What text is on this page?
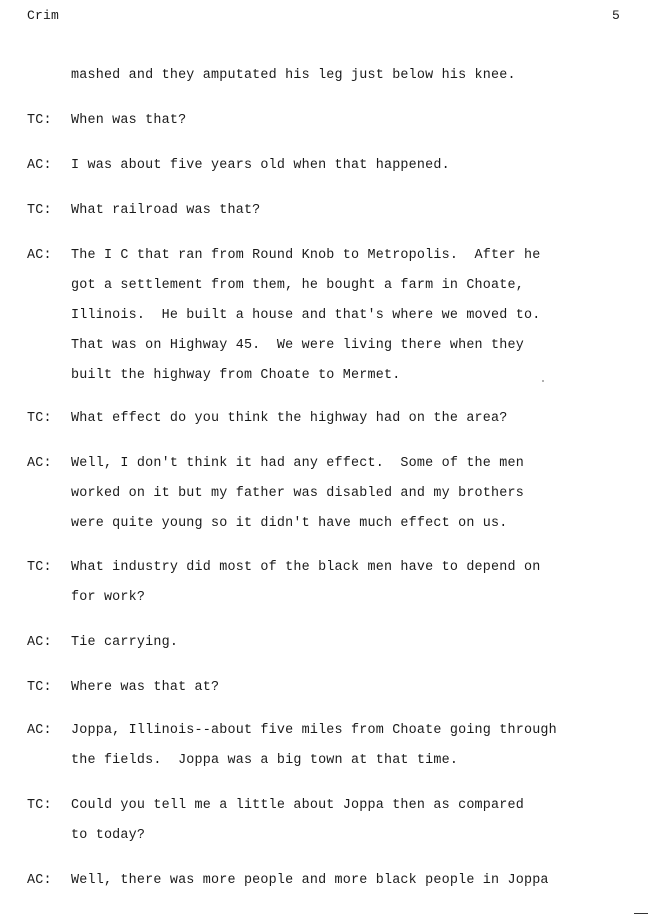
Crim	5
mashed and they amputated his leg just below his knee.
TC: When was that?
AC: I was about five years old when that happened.
TC: What railroad was that?
AC: The I C that ran from Round Knob to Metropolis.  After he
got a settlement from them, he bought a farm in Choate,
Illinois.  He built a house and that's where we moved to.
That was on Highway 45.  We were living there when they
built the highway from Choate to Mermet.
TC: What effect do you think the highway had on the area?
AC: Well, I don't think it had any effect.  Some of the men
worked on it but my father was disabled and my brothers
were quite young so it didn't have much effect on us.
TC: What industry did most of the black men have to depend on
for work?
AC: Tie carrying.
TC: Where was that at?
AC: Joppa, Illinois--about five miles from Choate going through
the fields.  Joppa was a big town at that time.
TC: Could you tell me a little about Joppa then as compared
to today?
AC: Well, there was more people and more black people in Joppa
